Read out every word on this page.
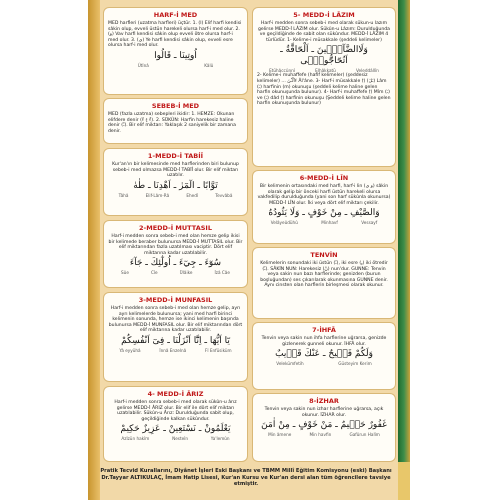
HARF-İ MED

MED harfleri (uzatma harfleri) üçtür. 1. (ا) Elif harfi kendisi sâkin olup, evveli üstün harekeli olursa harf-i med olur. 2. (و) Vav harfi kendisi sâkin olup evveli ötre olursa harf-i med olur. 3. (ي) Ye harfi kendisi sâkin olup, evveli esre olursa harf-i med olur.

اُوتِينَا ـ قَالُوا
Ûtînâ	Kâlû
SEBEB-İ MED

MED (fazla uzatma) sebepleri ikidir: 1. HEMZE: Okunan elifdere denir (ءٌ ءٍ ءً). 2. SÜKÛN: Harfin harekesiz haline denir (ـْ). Bir elif miktarı: Yaklaşık 2 saniyelik bir zamana denir.

1-MEDD-İ TABİÎ

Kur'an'ın bir kelimesinde med harflerinden biri bulunup sebeb-i med olmazsa MEDD-İ TABİÎ olur. Bir elif miktarı uzatılır.

تَوَّابًا ـ الٓمٓرٰ ـ اَهْدِنَا ـ طٰهٰ
Tâhâ	Elif-Lâm-Râ	Ehedî	Tevvâbâ
2-MEDD-İ MUTTASIL

Harf-i medden sonra sebeb-i med olan hemze gelip ikisi bir kelimede beraber bulunursa MEDD-İ MUTTASIL olur. Bir elif miktarından fazla uzatılması vaciptir. Dört elif miktarına kadar uzatılabilir.

سُوٓءَ ـ جِيٓءَ ـ اُولٰٓئِكَ ـ جَآءَ
Sûe	Cîe	Ülâike	İzâ Câe
3-MEDD-İ MUNFASIL

Harf-i medden sonra sebeb-i med olan hemze gelip, ayrı ayrı kelimelerde bulunursa; yani med harfi birinci kelimenin sonunda, hemze ise ikinci kelimenin başında bulunursa MEDD-İ MUNFASIL olur. Bir elif miktarından dört elif miktarına kadar uzatılabilir.

يَٓا اَيُّهَا ـ اِنَّٓا اَنْزَلْنَا ـ فِىٓ اَنْفُسِكُمْ
Yâ eyyühâ	İnnâ Enzelnâ	Fî Enfüsiküm
4- MEDD-İ ÂRIZ

Harf-i medden sonra sebeb-i med olarak sükûn-u ârız gelirse MEDD-İ ÂRIZ olur. Bir elif ile dört elif miktarı uzatılabilir. Sükûn-u Ârız: Durulduğunda sabit olup, geçildiğinde kalkan sükûndur.

يَعْلَمُونْ ـ نَسْتَعِينْ ـ عَزِيزٌ حَكِيمْ
Azîzün hakîm	Nesteîn	Ya'lemûn
5- MEDD-İ LÂZIM

Harf-i medden sonra sebeb-i med olarak sükun-u lazım gelirse MEDD-İ LÂZIM olur. Sükûn-u Lâzım: Durulduğunda ve geçildiğinde de sabit olan sükûndur. MEDD-İ LÂZIM 4 türlüdür. 1- Kelime-i müsakkale (şeddeli kelimeler)

وَلَاالضَّآلّ۪ينَ ـ اَلْحَٓاقَّةُ ـ اَتُحَٓاجُّٓونّ۪ى
Etühâccûnnî	Elhâkkatü	Veleddâllîn

2- Kelime-i muhaffefe (hafif kelimeler) (şeddesiz kelimeler) ... ءَآلْـٰٔنَ Âl'âne. 3- Harf-i müsakkale (ٓ) (ـٓلٓ) Lâm (ـٓ) harfinin (m) okunuşu (şeddeli kelime haline gelen harfin okunuşunda bulunur). 4- Harf-i muhaffefe (ٓ) Mîm (ـٓ) ve (ـٓ) dâd (ٓ) harfinin okunuşu (Şeddeli kelime haline gelen harfin okunuşunda bulunur)

6-MEDD-İ LÎN

Bir kelimenin ortasındaki med harfi, harf-i lin (و ي) sâkin olarak gelip bir önceki harfi üstün harekeli olursa vakfedilip durulduğunda (yani son harf sükûnla okunursa) MEDD-İ LÎN olur. İki veya dört elif miktarı çekilir.

وَالصَّيْفِ ـ مِنْ خَوْفٍ ـ وَلَا يَئُودُهُ
Velâyeûdühû	Minhavf	Vessayf
TENVİN

Kelimelerin sonundaki iki üstün (ـً), iki esre (ـٍ) iki ötredir (ـٌ). SÂKİN NUN: Harekesiz (نْ) nun'dur. GUNNE: Tenvin veya sakin nun bazı harflerinde; genizden (burun boşluğundan) ses çıkarılarak okunmasına GUNNE denir. Aynı cinsten olan harflerin birleşmesi olarak okunur.

7-İHFÂ

Tenvin veya sakin nun ihfa harflerine uğrarsa, genizde gizlenerek gunneli okunur. İHFÂ olur.

وَلَكُمْ فَت۪يحٌ ـ عَنْكَ قَرٖيبٌ
Velekümfetih	Güsteyim Kerim
8-İZHAR

Tenvin veya sakin nun izhar harflerine uğrarsa, açık okunur. İZHAR olur.

غَفُورٌ حَل۪يمٌ ـ مَنْ خَوْفٍ ـ مِنْ اٰمَنَ
Min âmene	Min havfin	Gafûrun Halîm
Pratik Tecvid Kurallarını, Diyânet İşleri Eski Başkanı ve TBMM Millî Eğitim Komisyonu (eski) Başkanı Dr.Tayyar ALTIKULAÇ, İmam Hatip Lisesi, Kur'an Kursu ve Kur'an dersi alan tüm öğrencilere tavsiye etmiştir.
